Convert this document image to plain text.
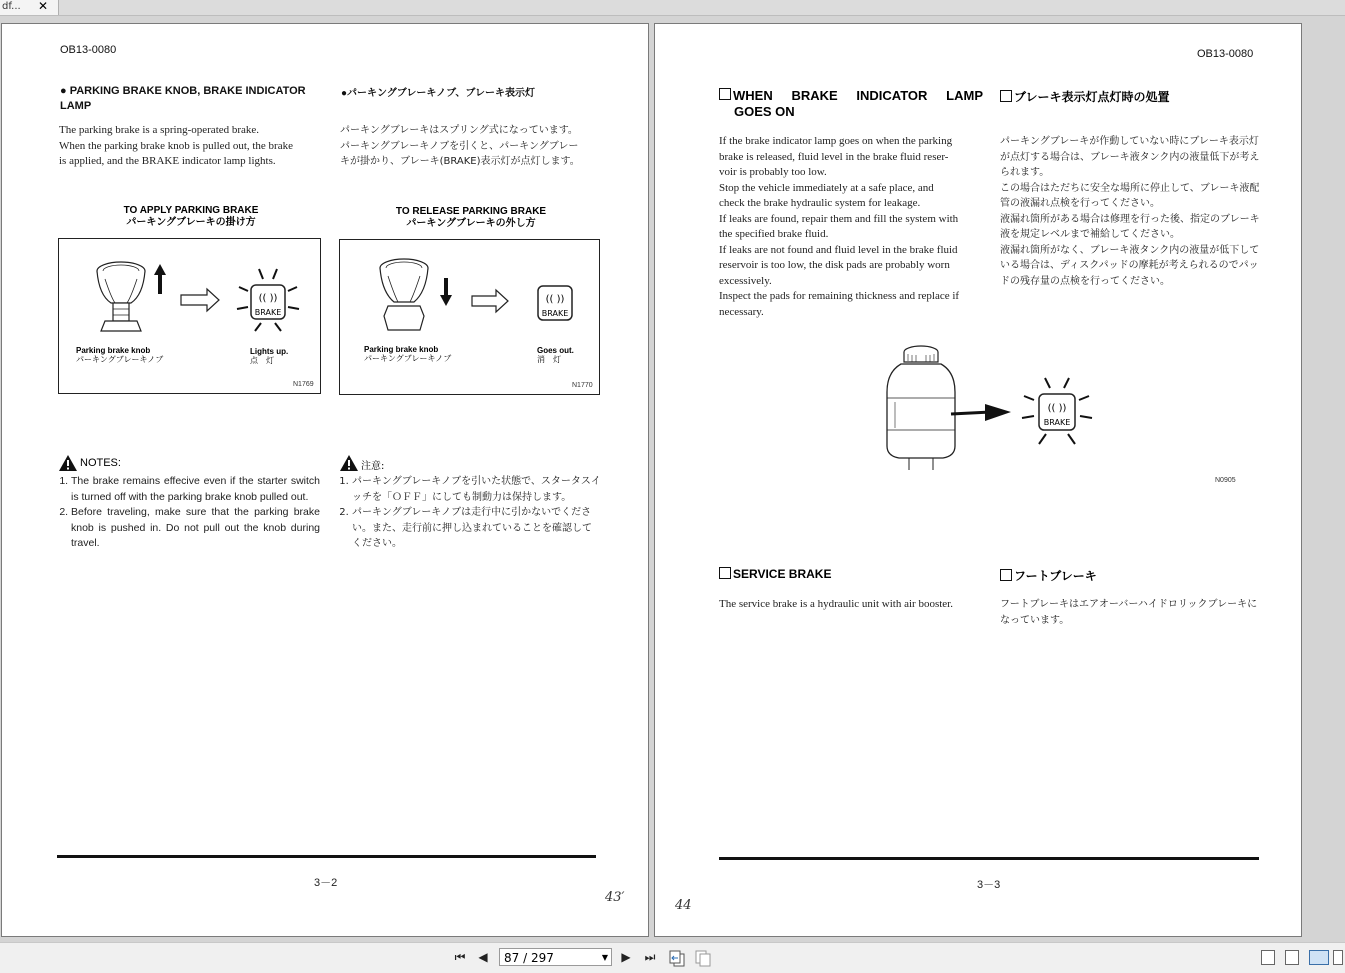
df... ✕
OB13-0080
● PARKING BRAKE KNOB, BRAKE INDICATOR LAMP
●パーキングブレーキノブ、ブレーキ表示灯
The parking brake is a spring-operated brake.
When the parking brake knob is pulled out, the brake
is applied, and the BRAKE indicator lamp lights.
パーキングブレーキはスプリング式になっています。
パーキングブレーキノブを引くと、パーキングブレー
キが掛かり、ブレーキ(BRAKE)表示灯が点灯します。
TO APPLY PARKING BRAKE
パーキングブレーキの掛け方
(( ))
BRAKE
Parking brake knob
パーキングブレーキノブ
Lights up.
点　灯
N1769
TO RELEASE PARKING BRAKE
パーキングブレーキの外し方
(( ))
BRAKE
Parking brake knob
パーキングブレーキノブ
Goes out.
消　灯
N1770
NOTES:
1. The brake remains effecive even if the starter switch is turned off with the parking brake knob pulled out.
2. Before traveling, make sure that the parking brake knob is pushed in. Do not pull out the knob during travel.
注意:
1. パーキングブレーキノブを引いた状態で、スタータスイッチを「ＯＦＦ」にしても制動力は保持します。
2. パーキングブレーキノブは走行中に引かないでください。また、走行前に押し込まれていることを確認してください。
3－2
43′
OB13-0080
WHEN BRAKE INDICATOR LAMP
GOES ON
ブレーキ表示灯点灯時の処置
If the brake indicator lamp goes on when the parking
brake is released, fluid level in the brake fluid reser-
voir is probably too low.
Stop the vehicle immediately at a safe place, and
check the brake hydraulic system for leakage.
If leaks are found, repair them and fill the system with
the specified brake fluid.
If leaks are not found and fluid level in the brake fluid
reservoir is too low, the disk pads are probably worn
excessively.
Inspect the pads for remaining thickness and replace if
necessary.
パーキングブレーキが作動していない時にブレーキ表示灯
が点灯する場合は、ブレーキ液タンク内の液量低下が考え
られます。
この場合はただちに安全な場所に停止して、ブレーキ液配
管の液漏れ点検を行ってください。
液漏れ箇所がある場合は修理を行った後、指定のブレーキ
液を規定レベルまで補給してください。
液漏れ箇所がなく、ブレーキ液タンク内の液量が低下して
いる場合は、ディスクパッドの摩耗が考えられるのでパッ
ドの残存量の点検を行ってください。
(( ))
BRAKE
N0905
SERVICE BRAKE	フートブレーキ
The service brake is a hydraulic unit with air booster.	フートブレーキはエアオーバーハイドロリックブレーキに
なっています。
3－3
44
⏮ ◀	87 / 297	▼ ▶ ⏭
